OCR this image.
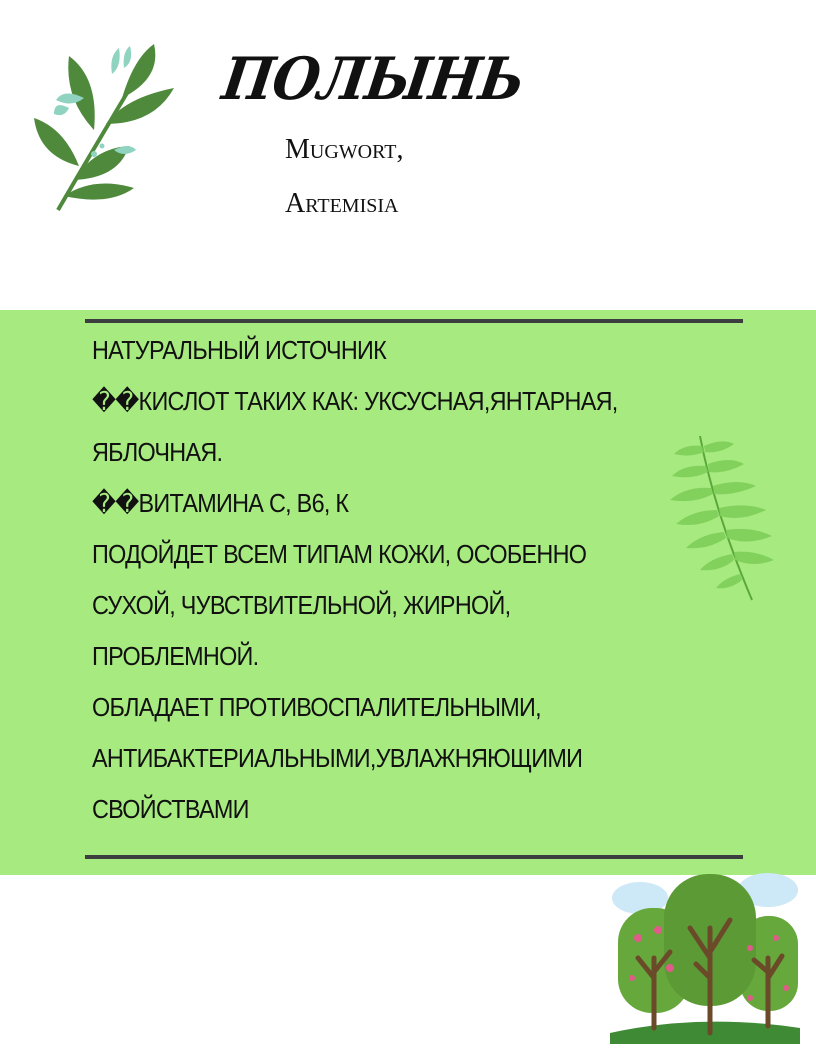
ПОЛЫНЬ

Mugwort,

Artemisia

НАТУРАЛЬНЫЙ ИСТОЧНИК
��КИСЛОТ ТАКИХ КАК: УКСУСНАЯ,ЯНТАРНАЯ,
ЯБЛОЧНАЯ.
��ВИТАМИНА С, В6, К
ПОДОЙДЕТ ВСЕМ ТИПАМ КОЖИ, ОСОБЕННО
СУХОЙ, ЧУВСТВИТЕЛЬНОЙ, ЖИРНОЙ,
ПРОБЛЕМНОЙ.
ОБЛАДАЕТ ПРОТИВОСПАЛИТЕЛЬНЫМИ,
АНТИБАКТЕРИАЛЬНЫМИ,УВЛАЖНЯЮЩИМИ
СВОЙСТВАМИ
